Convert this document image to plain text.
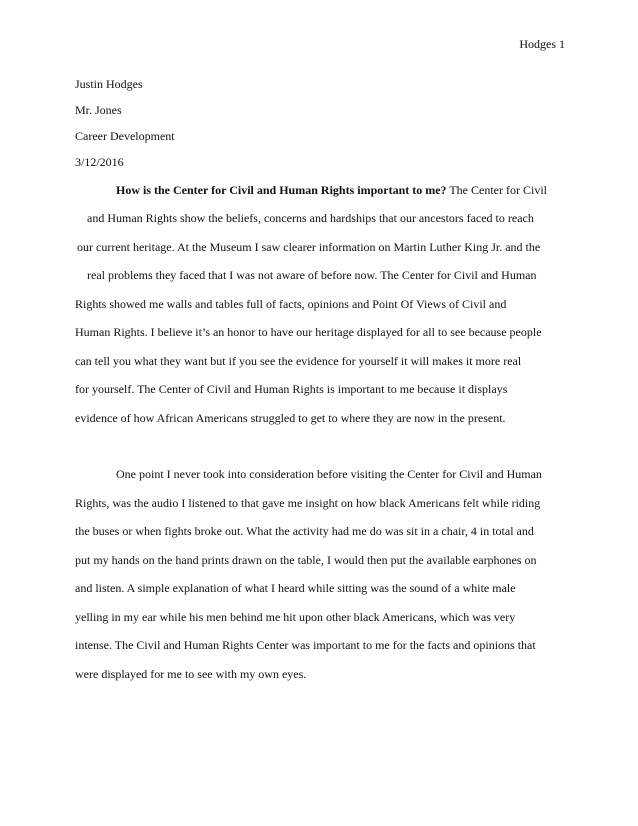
Hodges 1
Justin Hodges
Mr. Jones
Career Development
3/12/2016
How is the Center for Civil and Human Rights important to me? The Center for Civil
and Human Rights show the beliefs, concerns and hardships that our ancestors faced to reach
our current heritage. At the Museum I saw clearer information on Martin Luther King Jr. and the
real problems they faced that I was not aware of before now. The Center for Civil and Human
Rights showed me walls and tables full of facts, opinions and Point Of Views of Civil and
Human Rights. I believe it’s an honor to have our heritage displayed for all to see because people
can tell you what they want but if you see the evidence for yourself it will makes it more real
for yourself. The Center of Civil and Human Rights is important to me because it displays
evidence of how African Americans struggled to get to where they are now in the present.
One point I never took into consideration before visiting the Center for Civil and Human
Rights, was the audio I listened to that gave me insight on how black Americans felt while riding
the buses or when fights broke out. What the activity had me do was sit in a chair, 4 in total and
put my hands on the hand prints drawn on the table, I would then put the available earphones on
and listen. A simple explanation of what I heard while sitting was the sound of a white male
yelling in my ear while his men behind me hit upon other black Americans, which was very
intense. The Civil and Human Rights Center was important to me for the facts and opinions that
were displayed for me to see with my own eyes.
